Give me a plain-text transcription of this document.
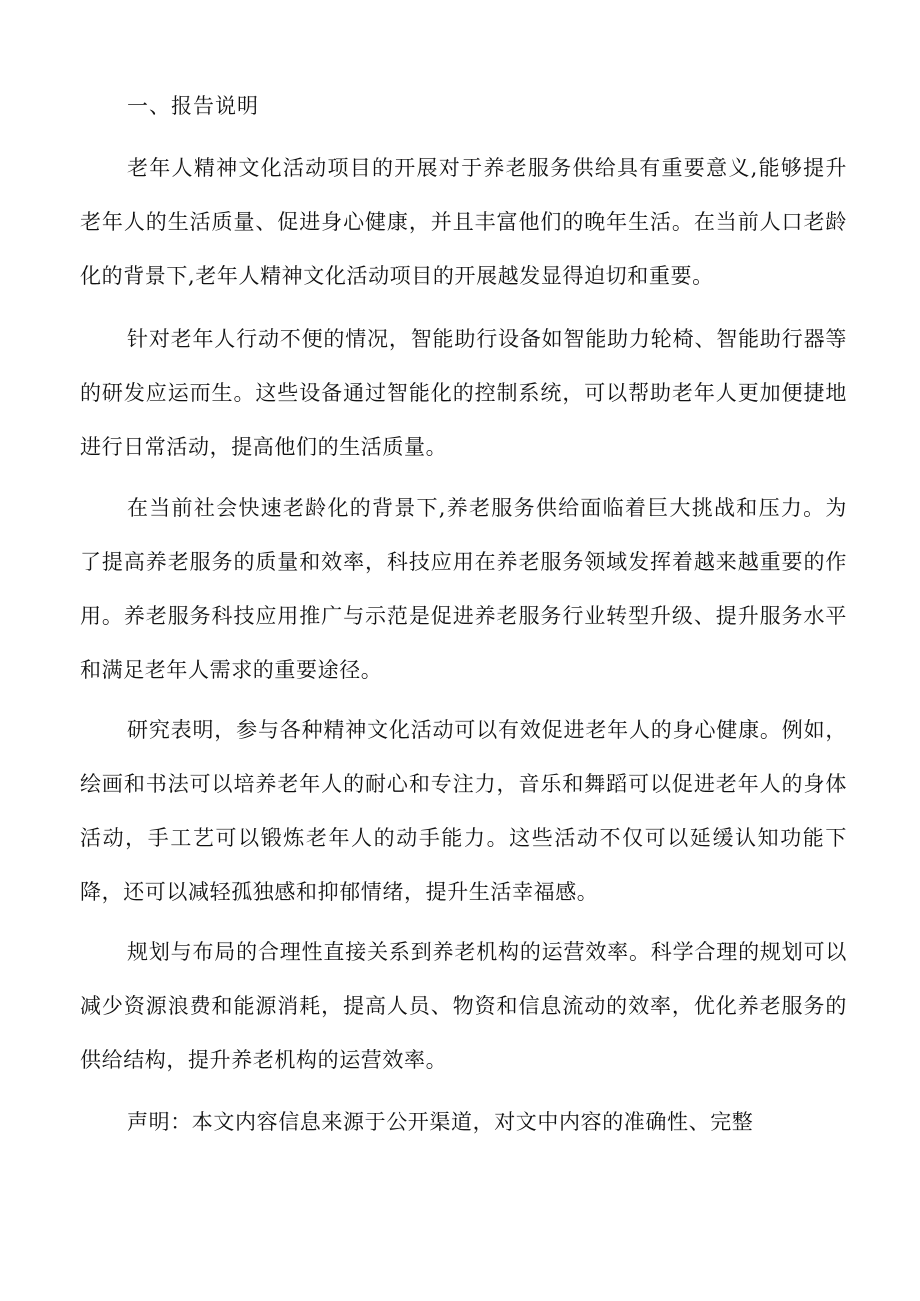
一、报告说明

老年人精神文化活动项目的开展对于养老服务供给具有重要意义,能够提升老年人的生活质量、促进身心健康，并且丰富他们的晚年生活。在当前人口老龄化的背景下,老年人精神文化活动项目的开展越发显得迫切和重要。

针对老年人行动不便的情况，智能助行设备如智能助力轮椅、智能助行器等的研发应运而生。这些设备通过智能化的控制系统，可以帮助老年人更加便捷地进行日常活动，提高他们的生活质量。

在当前社会快速老龄化的背景下,养老服务供给面临着巨大挑战和压力。为了提高养老服务的质量和效率，科技应用在养老服务领域发挥着越来越重要的作用。养老服务科技应用推广与示范是促进养老服务行业转型升级、提升服务水平和满足老年人需求的重要途径。

研究表明，参与各种精神文化活动可以有效促进老年人的身心健康。例如，绘画和书法可以培养老年人的耐心和专注力，音乐和舞蹈可以促进老年人的身体活动，手工艺可以锻炼老年人的动手能力。这些活动不仅可以延缓认知功能下降，还可以减轻孤独感和抑郁情绪，提升生活幸福感。

规划与布局的合理性直接关系到养老机构的运营效率。科学合理的规划可以减少资源浪费和能源消耗，提高人员、物资和信息流动的效率，优化养老服务的供给结构，提升养老机构的运营效率。

声明：本文内容信息来源于公开渠道，对文中内容的准确性、完整
